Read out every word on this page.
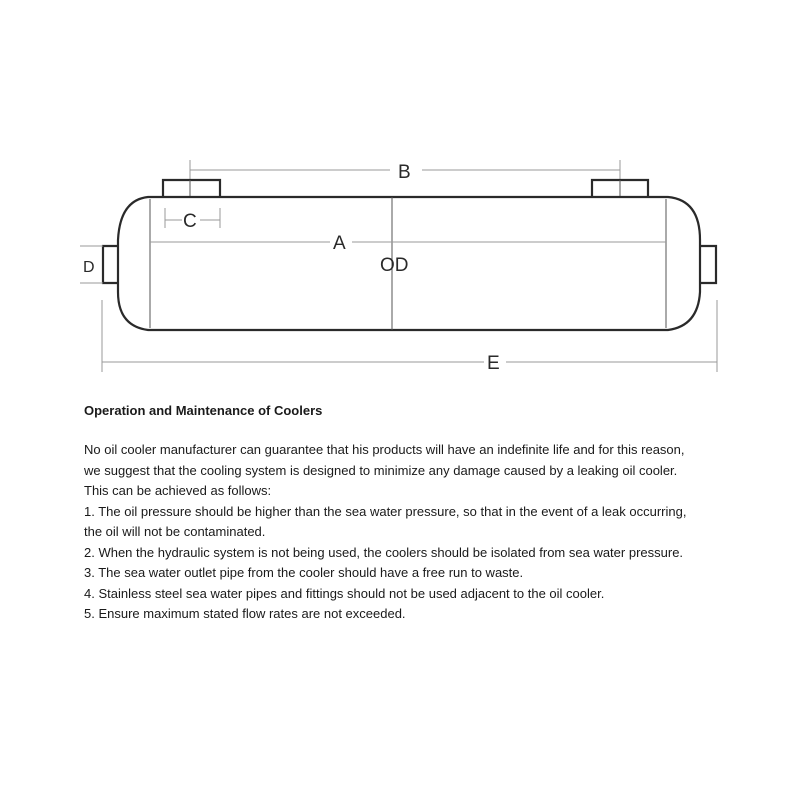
B
C
A
OD
D
E

Operation and Maintenance of Coolers

No oil cooler manufacturer can guarantee that his products will have an indefinite life and for this reason,

we suggest that the cooling system is designed to minimize any damage caused by a leaking oil cooler.

This can be achieved as follows:

1. The oil pressure should be higher than the sea water pressure, so that in the event of a leak occurring,

the oil will not be contaminated.

2. When the hydraulic system is not being used, the coolers should be isolated from sea water pressure.

3. The sea water outlet pipe from the cooler should have a free run to waste.

4. Stainless steel sea water pipes and fittings should not be used adjacent to the oil cooler.

5. Ensure maximum stated flow rates are not exceeded.
